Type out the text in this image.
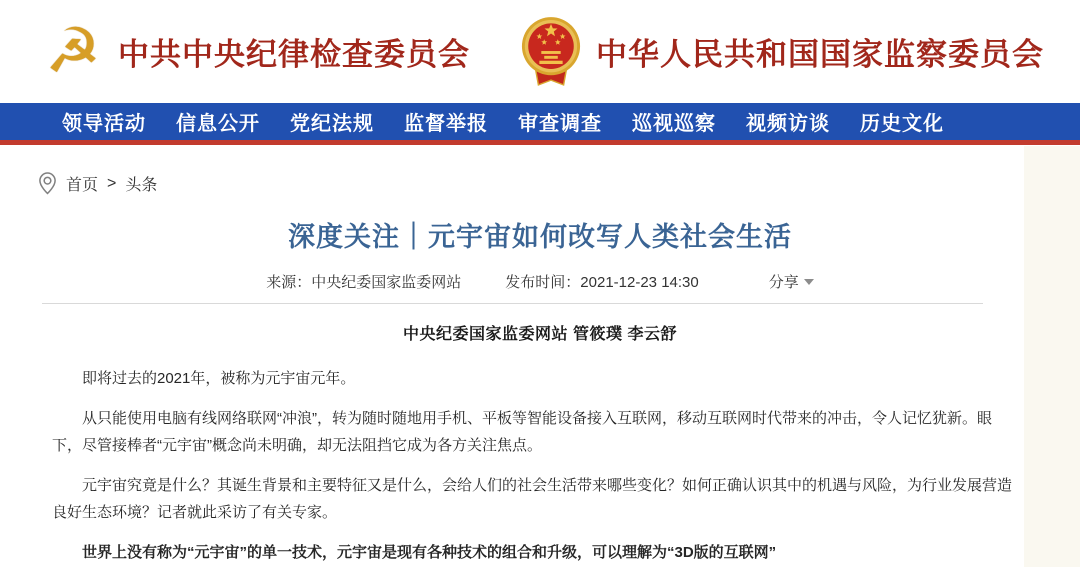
☭ 中共中央纪律检查委员会	中华人民共和国国家监察委员会
领导活动 信息公开 党纪法规 监督举报 审查调查 巡视巡察 视频访谈 历史文化
首页 > 头条
深度关注｜元宇宙如何改写人类社会生活
来源：中央纪委国家监委网站	发布时间：2021-12-23 14:30	分享
中央纪委国家监委网站 管筱璞 李云舒

即将过去的2021年，被称为元宇宙元年。

从只能使用电脑有线网络联网“冲浪”，转为随时随地用手机、平板等智能设备接入互联网，移动互联网时代带来的冲击，令人记忆犹新。眼下，尽管接棒者“元宇宙”概念尚未明确，却无法阻挡它成为各方关注焦点。

元宇宙究竟是什么？其诞生背景和主要特征又是什么，会给人们的社会生活带来哪些变化？如何正确认识其中的机遇与风险，为行业发展营造良好生态环境？记者就此采访了有关专家。

世界上没有称为“元宇宙”的单一技术，元宇宙是现有各种技术的组合和升级，可以理解为“3D版的互联网”
